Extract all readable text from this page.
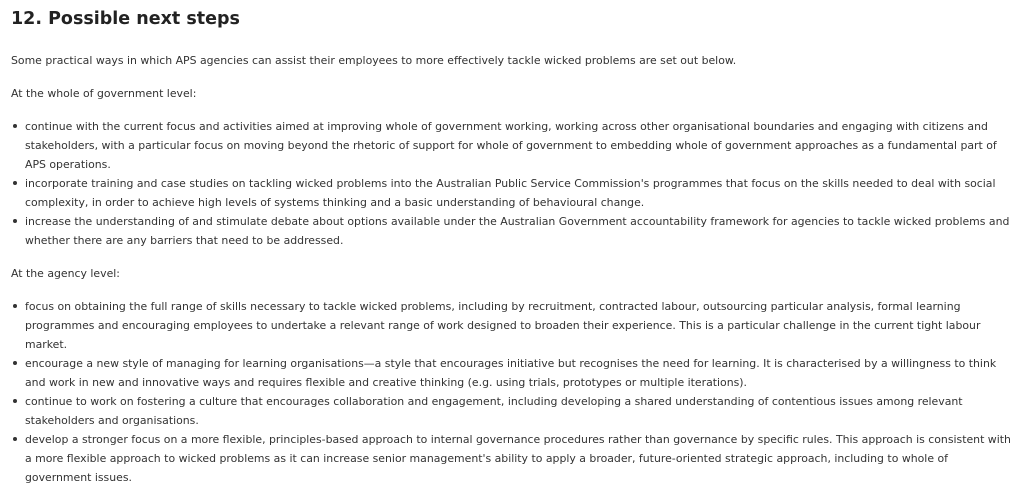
12. Possible next steps

Some practical ways in which APS agencies can assist their employees to more effectively tackle wicked problems are set out below.

At the whole of government level:

continue with the current focus and activities aimed at improving whole of government working, working across other organisational boundaries and engaging with citizens and stakeholders, with a particular focus on moving beyond the rhetoric of support for whole of government to embedding whole of government approaches as a fundamental part of APS operations.
incorporate training and case studies on tackling wicked problems into the Australian Public Service Commission's programmes that focus on the skills needed to deal with social complexity, in order to achieve high levels of systems thinking and a basic understanding of behavioural change.
increase the understanding of and stimulate debate about options available under the Australian Government accountability framework for agencies to tackle wicked problems and whether there are any barriers that need to be addressed.

At the agency level:

focus on obtaining the full range of skills necessary to tackle wicked problems, including by recruitment, contracted labour, outsourcing particular analysis, formal learning programmes and encouraging employees to undertake a relevant range of work designed to broaden their experience. This is a particular challenge in the current tight labour market.
encourage a new style of managing for learning organisations—a style that encourages initiative but recognises the need for learning. It is characterised by a willingness to think and work in new and innovative ways and requires flexible and creative thinking (e.g. using trials, prototypes or multiple iterations).
continue to work on fostering a culture that encourages collaboration and engagement, including developing a shared understanding of contentious issues among relevant stakeholders and organisations.
develop a stronger focus on a more flexible, principles-based approach to internal governance procedures rather than governance by specific rules. This approach is consistent with a more flexible approach to wicked problems as it can increase senior management's ability to apply a broader, future-oriented strategic approach, including to whole of government issues.
